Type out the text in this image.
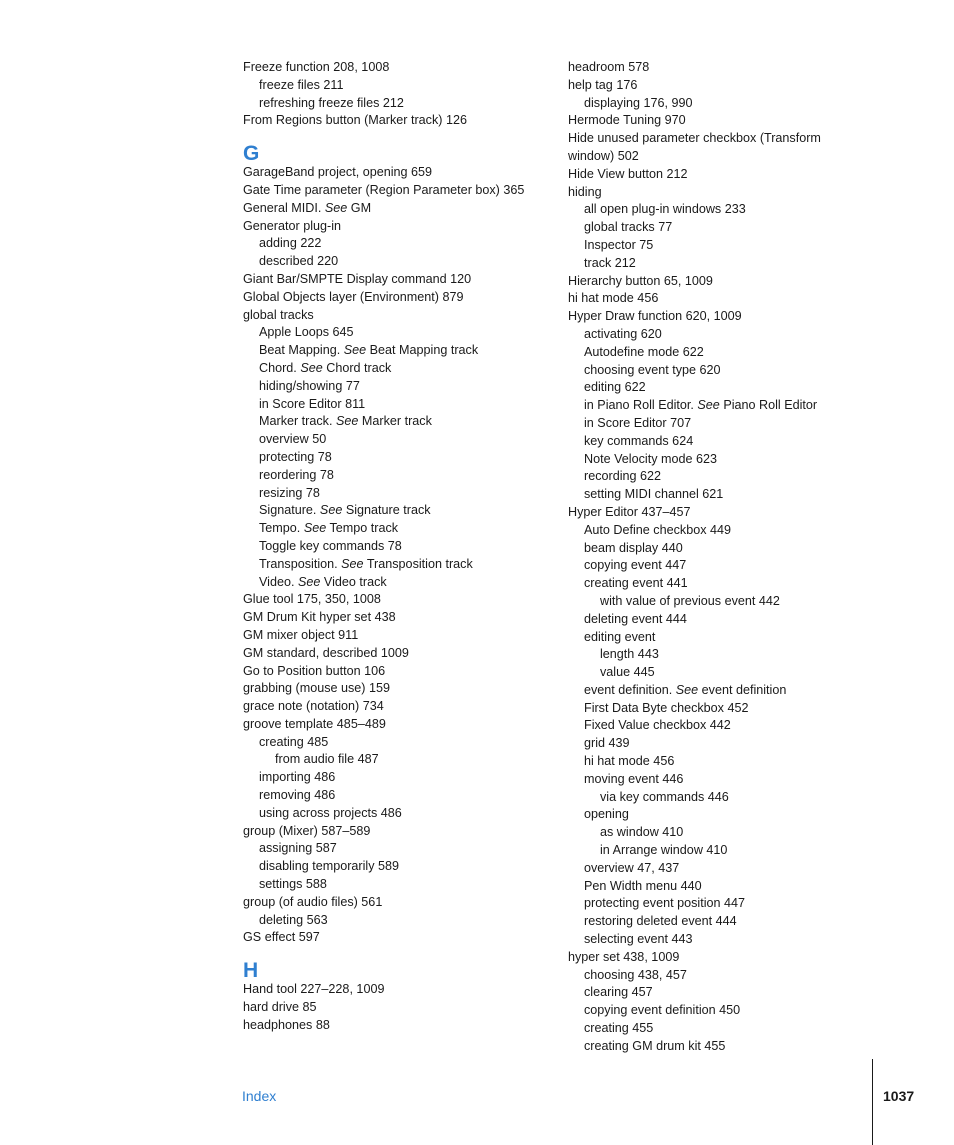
Freeze function 208, 1008
freeze files 211
refreshing freeze files 212
From Regions button (Marker track) 126
G
GarageBand project, opening 659
Gate Time parameter (Region Parameter box) 365
General MIDI. See GM
Generator plug-in
adding 222
described 220
Giant Bar/SMPTE Display command 120
Global Objects layer (Environment) 879
global tracks
Apple Loops 645
Beat Mapping. See Beat Mapping track
Chord. See Chord track
hiding/showing 77
in Score Editor 811
Marker track. See Marker track
overview 50
protecting 78
reordering 78
resizing 78
Signature. See Signature track
Tempo. See Tempo track
Toggle key commands 78
Transposition. See Transposition track
Video. See Video track
Glue tool 175, 350, 1008
GM Drum Kit hyper set 438
GM mixer object 911
GM standard, described 1009
Go to Position button 106
grabbing (mouse use) 159
grace note (notation) 734
groove template 485–489
creating 485
from audio file 487
importing 486
removing 486
using across projects 486
group (Mixer) 587–589
assigning 587
disabling temporarily 589
settings 588
group (of audio files) 561
deleting 563
GS effect 597
H
Hand tool 227–228, 1009
hard drive 85
headphones 88
headroom 578
help tag 176
displaying 176, 990
Hermode Tuning 970
Hide unused parameter checkbox (Transform window) 502
Hide View button 212
hiding
all open plug-in windows 233
global tracks 77
Inspector 75
track 212
Hierarchy button 65, 1009
hi hat mode 456
Hyper Draw function 620, 1009
activating 620
Autodefine mode 622
choosing event type 620
editing 622
in Piano Roll Editor. See Piano Roll Editor
in Score Editor 707
key commands 624
Note Velocity mode 623
recording 622
setting MIDI channel 621
Hyper Editor 437–457
Auto Define checkbox 449
beam display 440
copying event 447
creating event 441
with value of previous event 442
deleting event 444
editing event
length 443
value 445
event definition. See event definition
First Data Byte checkbox 452
Fixed Value checkbox 442
grid 439
hi hat mode 456
moving event 446
via key commands 446
opening
as window 410
in Arrange window 410
overview 47, 437
Pen Width menu 440
protecting event position 447
restoring deleted event 444
selecting event 443
hyper set 438, 1009
choosing 438, 457
clearing 457
copying event definition 450
creating 455
creating GM drum kit 455
Index	1037
